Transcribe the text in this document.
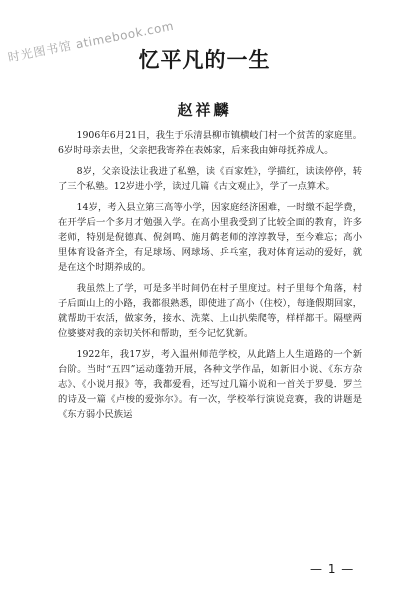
时光图书馆atimebook.com
忆平凡的一生
赵祥麟

1906年6月21日，我生于乐清县柳市镇横岐门村一个贫苦的家庭里。6岁时母亲去世，父亲把我寄养在表姊家，后来我由婶母抚养成人。

8岁，父亲设法让我进了私塾，读《百家姓》，学描红，读读停停，转了三个私塾。12岁进小学，读过几篇《古文观止》，学了一点算术。

14岁，考入县立第三高等小学，因家庭经济困难，一时缴不起学费，在开学后一个多月才勉强入学。在高小里我受到了比较全面的教育，许多老师，特别是倪德真、倪剑鸣、施月鹤老师的淳淳教导，至今难忘；高小里体育设备齐全，有足球场、网球场、乒乓室，我对体育运动的爱好，就是在这个时期养成的。

我虽然上了学，可是多半时间仍在村子里度过。村子里每个角落，村子后面山上的小路，我都很熟悉，即使进了高小（住校），每逢假期回家，就帮助干农活，做家务，接水、洗菜、上山扒柴爬等，样样都干。隔壁两位婆婆对我的亲切关怀和帮助，至今记忆犹新。

1922年，我17岁，考入温州师范学校，从此踏上人生道路的一个新台阶。当时“五四”运动蓬勃开展，各种文学作品，如新旧小说、《东方杂志》、《小说月报》等，我都爱看，还写过几篇小说和一首关于罗曼．罗兰的诗及一篇《卢梭的爱弥尔》。有一次，学校举行演说竞赛，我的讲题是《东方弱小民族运

— 1 —
